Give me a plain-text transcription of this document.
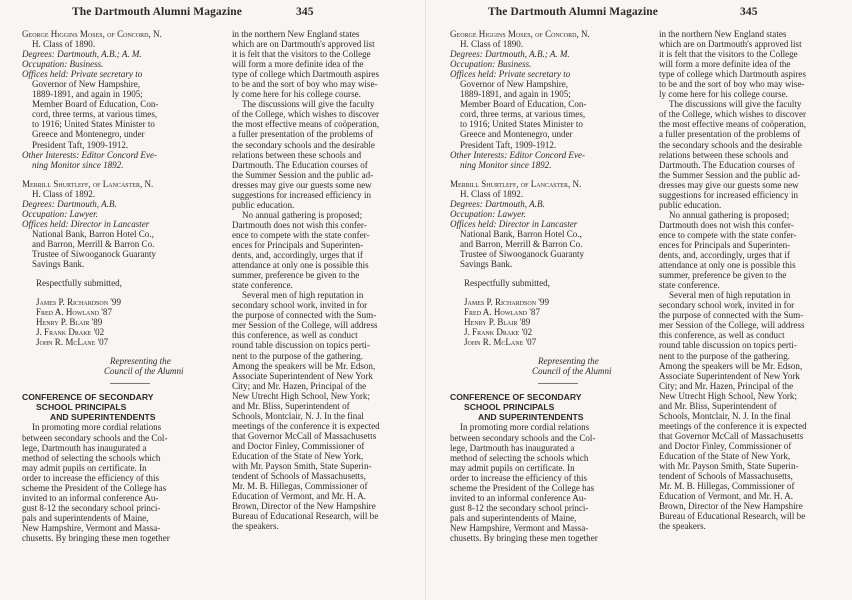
The Dartmouth Alumni Magazine	345
George Higgins Moses, of Concord, N.
H. Class of 1890.
Degrees: Dartmouth, A.B.; A. M.
Occupation: Business.
Offices held: Private secretary to
Governor of New Hampshire,
1889-1891, and again in 1905;
Member Board of Education, Con-
cord, three terms, at various times,
to 1916; United States Minister to
Greece and Montenegro, under
President Taft, 1909-1912.
Other Interests: Editor Concord Eve-
ning Monitor since 1892.
Merrill Shurtleff, of Lancaster, N.
H. Class of 1892.
Degrees: Dartmouth, A.B.
Occupation: Lawyer.
Offices held: Director in Lancaster
National Bank, Barron Hotel Co.,
and Barron, Merrill & Barron Co.
Trustee of Siwooganock Guaranty
Savings Bank.
Respectfully submitted,
James P. Richardson '99
Fred A. Howland '87
Henry P. Blair '89
J. Frank Drake '02
John R. McLane '07
Representing the
Council of the Alumni
CONFERENCE OF SECONDARY
SCHOOL PRINCIPALS
AND SUPERINTENDENTS
In promoting more cordial relations
between secondary schools and the Col-
lege, Dartmouth has inaugurated a
method of selecting the schools which
may admit pupils on certificate. In
order to increase the efficiency of this
scheme the President of the College has
invited to an informal conference Au-
gust 8-12 the secondary school princi-
pals and superintendents of Maine,
New Hampshire, Vermont and Massa-
chusetts. By bringing these men together
in the northern New England states
which are on Dartmouth's approved list
it is felt that the visitors to the College
will form a more definite idea of the
type of college which Dartmouth aspires
to be and the sort of boy who may wise-
ly come here for his college course.
The discussions will give the faculty
of the College, which wishes to discover
the most effective means of coöperation,
a fuller presentation of the problems of
the secondary schools and the desirable
relations between these schools and
Dartmouth. The Education courses of
the Summer Session and the public ad-
dresses may give our guests some new
suggestions for increased efficiency in
public education.
No annual gathering is proposed;
Dartmouth does not wish this confer-
ence to compete with the state confer-
ences for Principals and Superinten-
dents, and, accordingly, urges that if
attendance at only one is possible this
summer, preference be given to the
state conference.
Several men of high reputation in
secondary school work, invited in for
the purpose of connected with the Sum-
mer Session of the College, will address
this conference, as well as conduct
round table discussion on topics perti-
nent to the purpose of the gathering.
Among the speakers will be Mr. Edson,
Associate Superintendent of New York
City; and Mr. Hazen, Principal of the
New Utrecht High School, New York;
and Mr. Bliss, Superintendent of
Schools, Montclair, N. J. In the final
meetings of the conference it is expected
that Governor McCall of Massachusetts
and Doctor Finley, Commissioner of
Education of the State of New York,
with Mr. Payson Smith, State Superin-
tendent of Schools of Massachusetts,
Mr. M. B. Hillegas, Commissioner of
Education of Vermont, and Mr. H. A.
Brown, Director of the New Hampshire
Bureau of Educational Research, will be
the speakers.
The Dartmouth Alumni Magazine	345
George Higgins Moses, of Concord, N.
H. Class of 1890.
Degrees: Dartmouth, A.B.; A. M.
Occupation: Business.
Offices held: Private secretary to
Governor of New Hampshire,
1889-1891, and again in 1905;
Member Board of Education, Con-
cord, three terms, at various times,
to 1916; United States Minister to
Greece and Montenegro, under
President Taft, 1909-1912.
Other Interests: Editor Concord Eve-
ning Monitor since 1892.
Merrill Shurtleff, of Lancaster, N.
H. Class of 1892.
Degrees: Dartmouth, A.B.
Occupation: Lawyer.
Offices held: Director in Lancaster
National Bank, Barron Hotel Co.,
and Barron, Merrill & Barron Co.
Trustee of Siwooganock Guaranty
Savings Bank.
Respectfully submitted,
James P. Richardson '99
Fred A. Howland '87
Henry P. Blair '89
J. Frank Drake '02
John R. McLane '07
Representing the
Council of the Alumni
CONFERENCE OF SECONDARY
SCHOOL PRINCIPALS
AND SUPERINTENDENTS
In promoting more cordial relations
between secondary schools and the Col-
lege, Dartmouth has inaugurated a
method of selecting the schools which
may admit pupils on certificate. In
order to increase the efficiency of this
scheme the President of the College has
invited to an informal conference Au-
gust 8-12 the secondary school princi-
pals and superintendents of Maine,
New Hampshire, Vermont and Massa-
chusetts. By bringing these men together
in the northern New England states
which are on Dartmouth's approved list
it is felt that the visitors to the College
will form a more definite idea of the
type of college which Dartmouth aspires
to be and the sort of boy who may wise-
ly come here for his college course.
The discussions will give the faculty
of the College, which wishes to discover
the most effective means of coöperation,
a fuller presentation of the problems of
the secondary schools and the desirable
relations between these schools and
Dartmouth. The Education courses of
the Summer Session and the public ad-
dresses may give our guests some new
suggestions for increased efficiency in
public education.
No annual gathering is proposed;
Dartmouth does not wish this confer-
ence to compete with the state confer-
ences for Principals and Superinten-
dents, and, accordingly, urges that if
attendance at only one is possible this
summer, preference be given to the
state conference.
Several men of high reputation in
secondary school work, invited in for
the purpose of connected with the Sum-
mer Session of the College, will address
this conference, as well as conduct
round table discussion on topics perti-
nent to the purpose of the gathering.
Among the speakers will be Mr. Edson,
Associate Superintendent of New York
City; and Mr. Hazen, Principal of the
New Utrecht High School, New York;
and Mr. Bliss, Superintendent of
Schools, Montclair, N. J. In the final
meetings of the conference it is expected
that Governor McCall of Massachusetts
and Doctor Finley, Commissioner of
Education of the State of New York,
with Mr. Payson Smith, State Superin-
tendent of Schools of Massachusetts,
Mr. M. B. Hillegas, Commissioner of
Education of Vermont, and Mr. H. A.
Brown, Director of the New Hampshire
Bureau of Educational Research, will be
the speakers.
